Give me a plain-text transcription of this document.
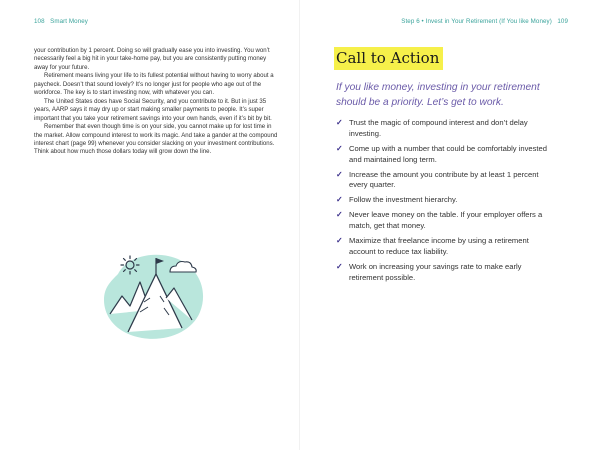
108 Smart Money

your contribution by 1 percent. Doing so will gradually ease you into investing. You won’t necessarily feel a big hit in your take-home pay, but you are consistently putting money away for your future.

Retirement means living your life to its fullest potential without having to worry about a paycheck. Doesn’t that sound lovely? It’s no longer just for people who age out of the workforce. The key is to start investing now, with whatever you can.

The United States does have Social Security, and you contribute to it. But in just 35 years, AARP says it may dry up or start making smaller payments to people. It’s super important that you take your retirement savings into your own hands, even if it’s bit by bit.

Remember that even though time is on your side, you cannot make up for lost time in the market. Allow compound interest to work its magic. And take a gander at the compound interest chart (page 99) whenever you consider slacking on your investment contributions. Think about how much those dollars today will grow down the line.

Step 6 • Invest in Your Retirement (If You like Money) 109
Call to Action
If you like money, investing in your retirement should be a priority. Let’s get to work.
✓ Trust the magic of compound interest and don’t delay investing.
✓ Come up with a number that could be comfortably invested and maintained long term.
✓ Increase the amount you contribute by at least 1 percent every quarter.
✓ Follow the investment hierarchy.
✓ Never leave money on the table. If your employer offers a match, get that money.
✓ Maximize that freelance income by using a retirement account to reduce tax liability.
✓ Work on increasing your savings rate to make early retirement possible.
